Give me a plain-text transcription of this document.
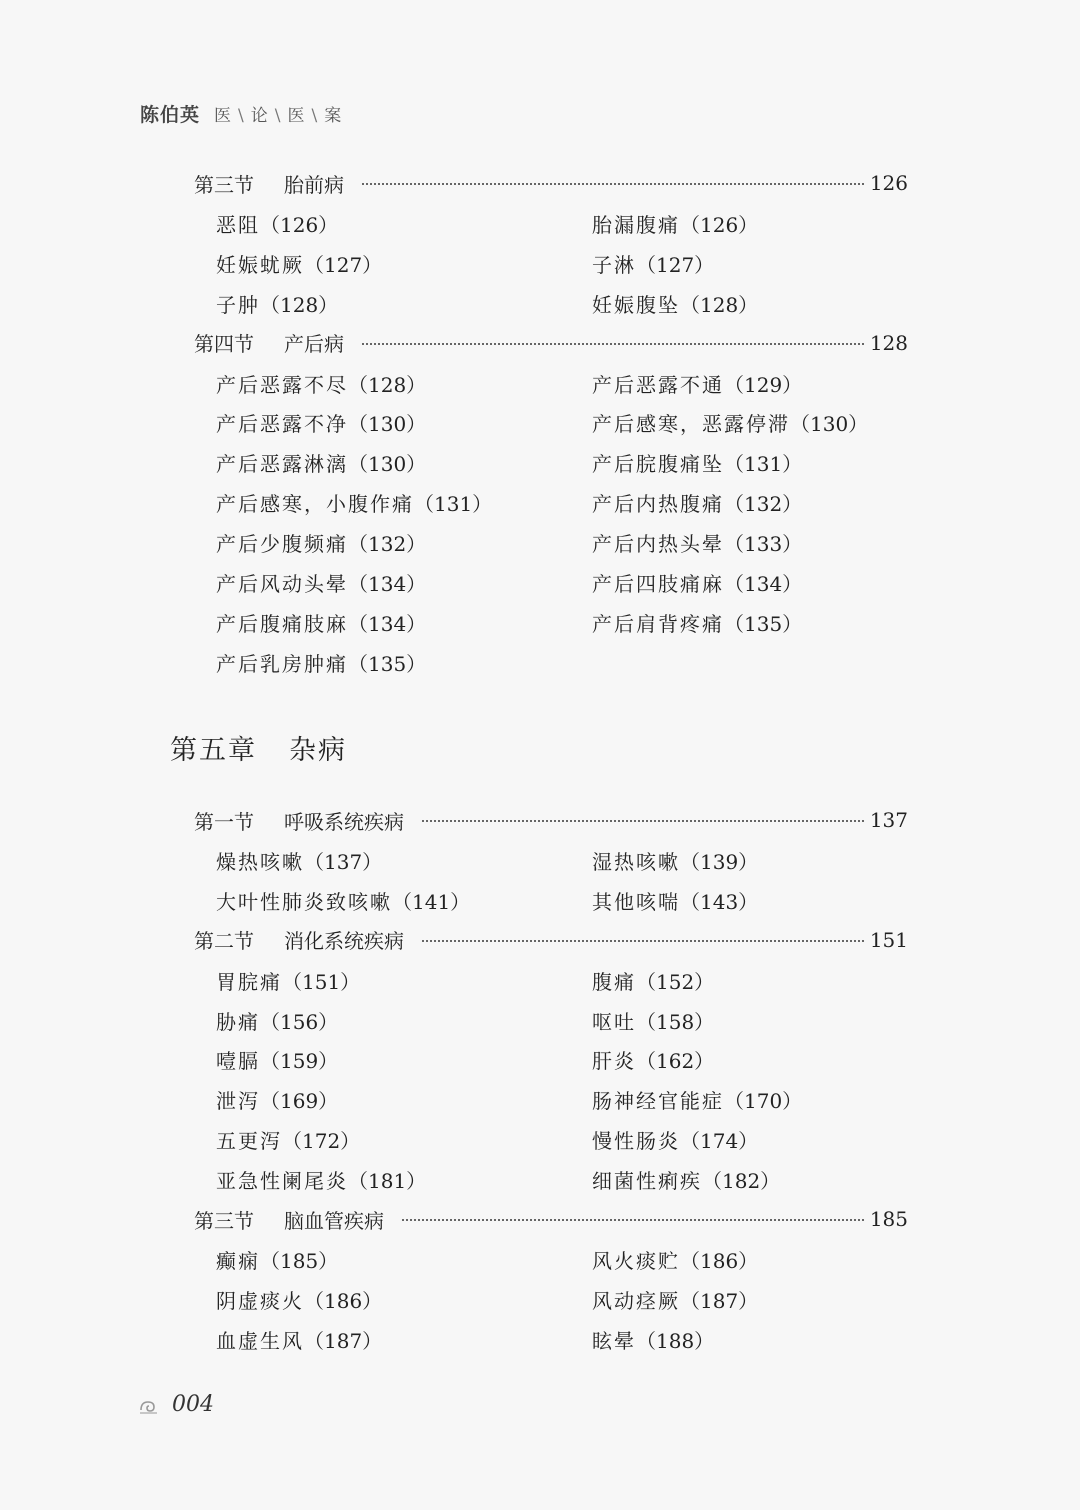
陈伯英 医 \ 论 \ 医 \ 案
第三节	胎前病	126
恶阻（126）	胎漏腹痛（126）
妊娠蚘厥（127）	子淋（127）
子肿（128）	妊娠腹坠（128）
第四节	产后病	128
产后恶露不尽（128）	产后恶露不通（129）
产后恶露不净（130）	产后感寒，恶露停滞（130）
产后恶露淋漓（130）	产后脘腹痛坠（131）
产后感寒，小腹作痛（131）	产后内热腹痛（132）
产后少腹频痛（132）	产后内热头晕（133）
产后风动头晕（134）	产后四肢痛麻（134）
产后腹痛肢麻（134）	产后肩背疼痛（135）
产后乳房肿痛（135）
第一节	呼吸系统疾病	137
燥热咳嗽（137）	湿热咳嗽（139）
大叶性肺炎致咳嗽（141）	其他咳喘（143）
第二节	消化系统疾病	151
胃脘痛（151）	腹痛（152）
胁痛（156）	呕吐（158）
噎膈（159）	肝炎（162）
泄泻（169）	肠神经官能症（170）
五更泻（172）	慢性肠炎（174）
亚急性阑尾炎（181）	细菌性痢疾（182）
第三节	脑血管疾病	185
癫痫（185）	风火痰贮（186）
阴虚痰火（186）	风动痉厥（187）
血虚生风（187）	眩晕（188）
第五章 杂病
004
